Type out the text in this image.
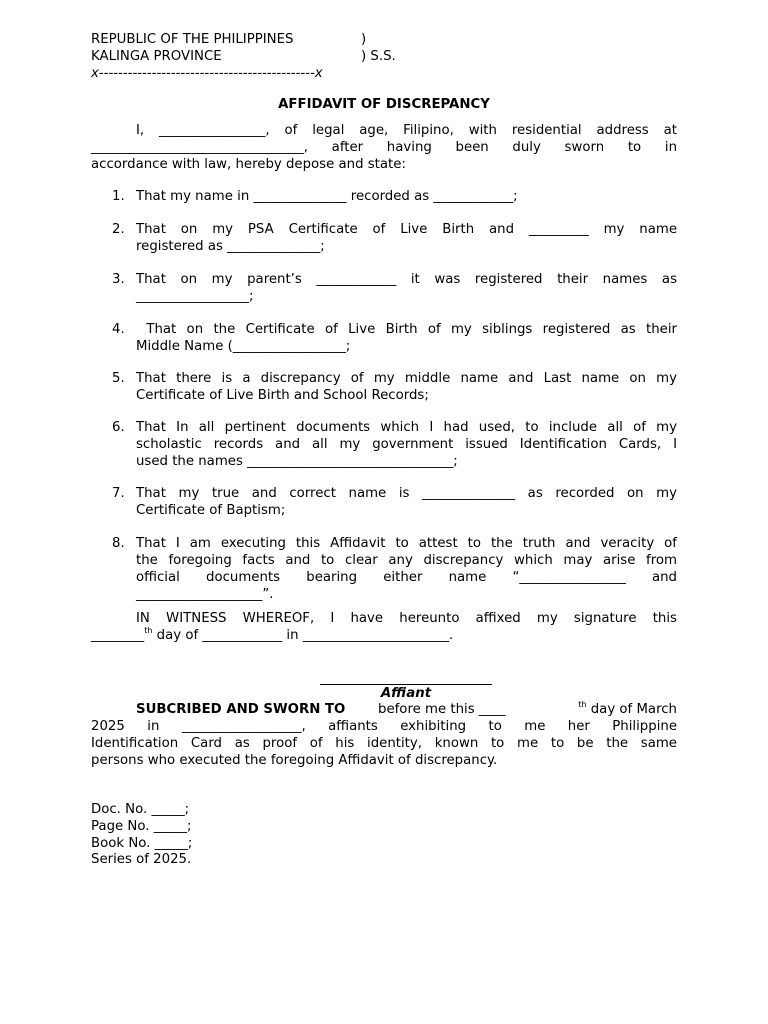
REPUBLIC OF THE PHILIPPINES	)
KALINGA PROVINCE	) S.S.
x---------------------------------------------x
AFFIDAVIT OF DISCREPANCY
I, ________________, of legal age, Filipino, with residential address at
________________________________, after having been duly sworn to in
accordance with law, hereby depose and state:
1. That my name in ______________ recorded as ____________;
2. That on my PSA Certificate of Live Birth and _________ my name
registered as ______________;
3. That on my parent’s ____________ it was registered their names as
_________________;
4. That on the Certificate of Live Birth of my siblings registered as their
Middle Name (_________________;
5. That there is a discrepancy of my middle name and Last name on my
Certificate of Live Birth and School Records;
6. That In all pertinent documents which I had used, to include all of my
scholastic records and all my government issued Identification Cards, I
used the names _______________________________;
7. That my true and correct name is ______________ as recorded on my
Certificate of Baptism;
8. That I am executing this Affidavit to attest to the truth and veracity of
the foregoing facts and to clear any discrepancy which may arise from
official documents bearing either name “________________ and
___________________”.
IN WITNESS WHEREOF, I have hereunto affixed my signature this
________$^{th}$ day of ____________ in ______________________.
Affiant
SUBCRIBED AND SWORN TO before me this ____	$^{th}$ day of March
2025 in __________________, affiants exhibiting to me her Philippine
Identification Card as proof of his identity, known to me to be the same
persons who executed the foregoing Affidavit of discrepancy.
Doc. No. _____;
Page No. _____;
Book No. _____;
Series of 2025.
